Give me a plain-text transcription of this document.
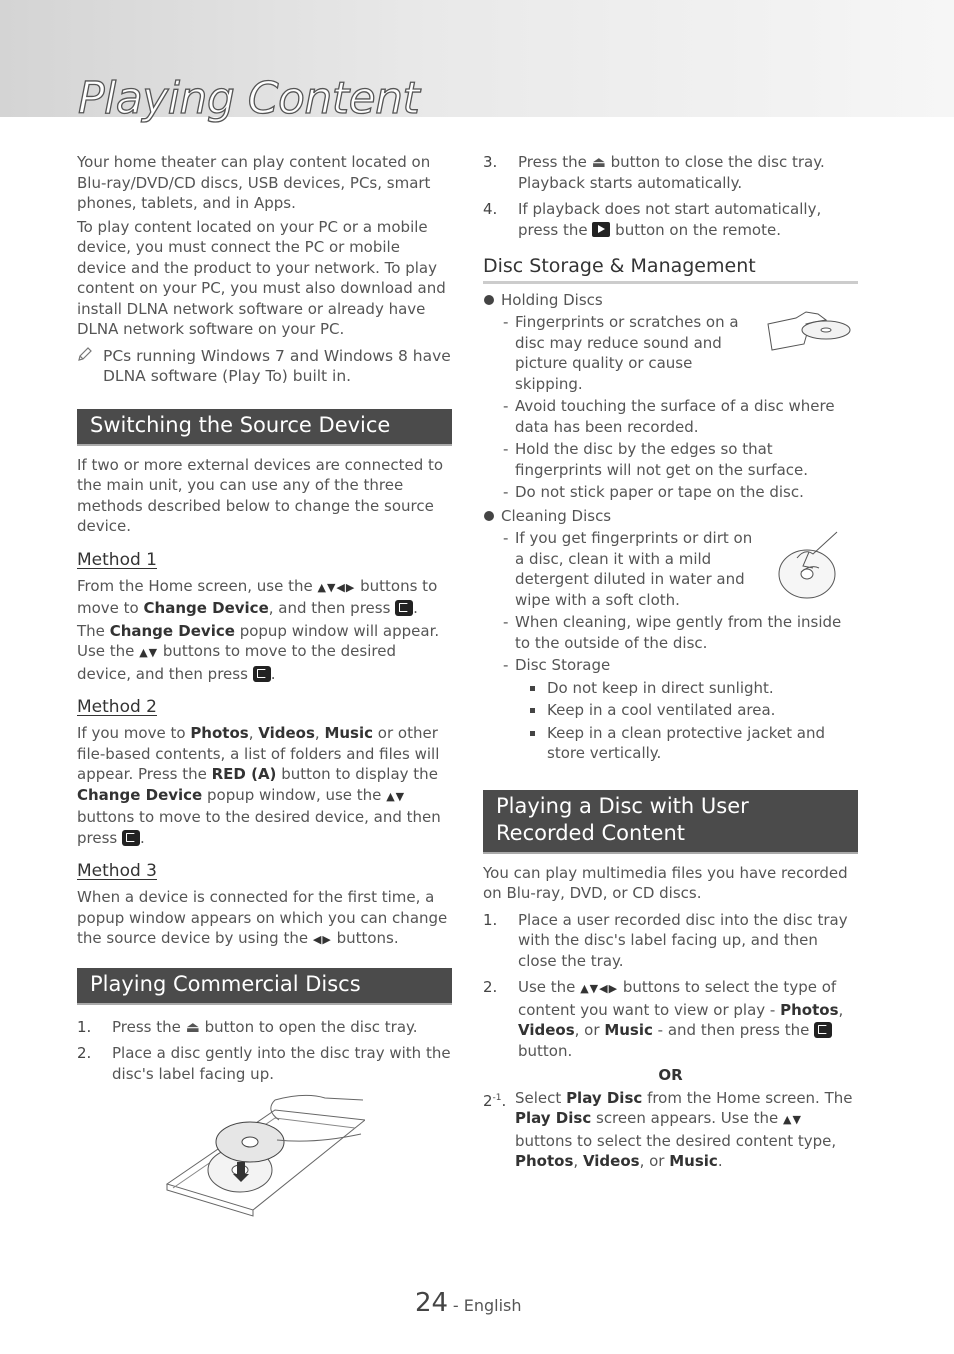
Playing Content

Your home theater can play content located on Blu-ray/DVD/CD discs, USB devices, PCs, smart phones, tablets, and in Apps.

To play content located on your PC or a mobile device, you must connect the PC or mobile device and the product to your network. To play content on your PC, you must also download and install DLNA network software or already have DLNA network software on your PC.

PCs running Windows 7 and Windows 8 have DLNA software (Play To) built in.
Switching the Source Device

If two or more external devices are connected to the main unit, you can use any of the three methods described below to change the source device.

Method 1

From the Home screen, use the ▲▼◀▶ buttons to move to Change Device, and then press .

The Change Device popup window will appear. Use the ▲▼ buttons to move to the desired device, and then press .

Method 2

If you move to Photos, Videos, Music or other file-based contents, a list of folders and files will appear. Press the RED (A) button to display the Change Device popup window, use the ▲▼ buttons to move to the desired device, and then press .

Method 3

When a device is connected for the first time, a popup window appears on which you can change the source device by using the ◀▶ buttons.

Playing Commercial Discs
1.	Press the ⏏ button to open the disc tray.
2.	Place a disc gently into the disc tray with the disc's label facing up.
3.	Press the ⏏ button to close the disc tray. Playback starts automatically.
4.	If playback does not start automatically, press the button on the remote.
Disc Storage & Management
Holding Discs
- Fingerprints or scratches on a disc may reduce sound and picture quality or cause skipping.
- Avoid touching the surface of a disc where data has been recorded.
- Hold the disc by the edges so that fingerprints will not get on the surface.
- Do not stick paper or tape on the disc.
Cleaning Discs
- If you get fingerprints or dirt on a disc, clean it with a mild detergent diluted in water and wipe with a soft cloth.
- When cleaning, wipe gently from the inside to the outside of the disc.
- Disc Storage
Do not keep in direct sunlight.
Keep in a cool ventilated area.
Keep in a clean protective jacket and store vertically.
Playing a Disc with User Recorded Content

You can play multimedia files you have recorded on Blu-ray, DVD, or CD discs.

1.	Place a user recorded disc into the disc tray with the disc's label facing up, and then close the tray.
2.	Use the ▲▼◀▶ buttons to select the type of content you want to view or play - Photos, Videos, or Music - and then press the  button.
OR
$2^{-1}$. Select Play Disc from the Home screen. The Play Disc screen appears. Use the ▲▼ buttons to select the desired content type, Photos, Videos, or Music.
24 - English
